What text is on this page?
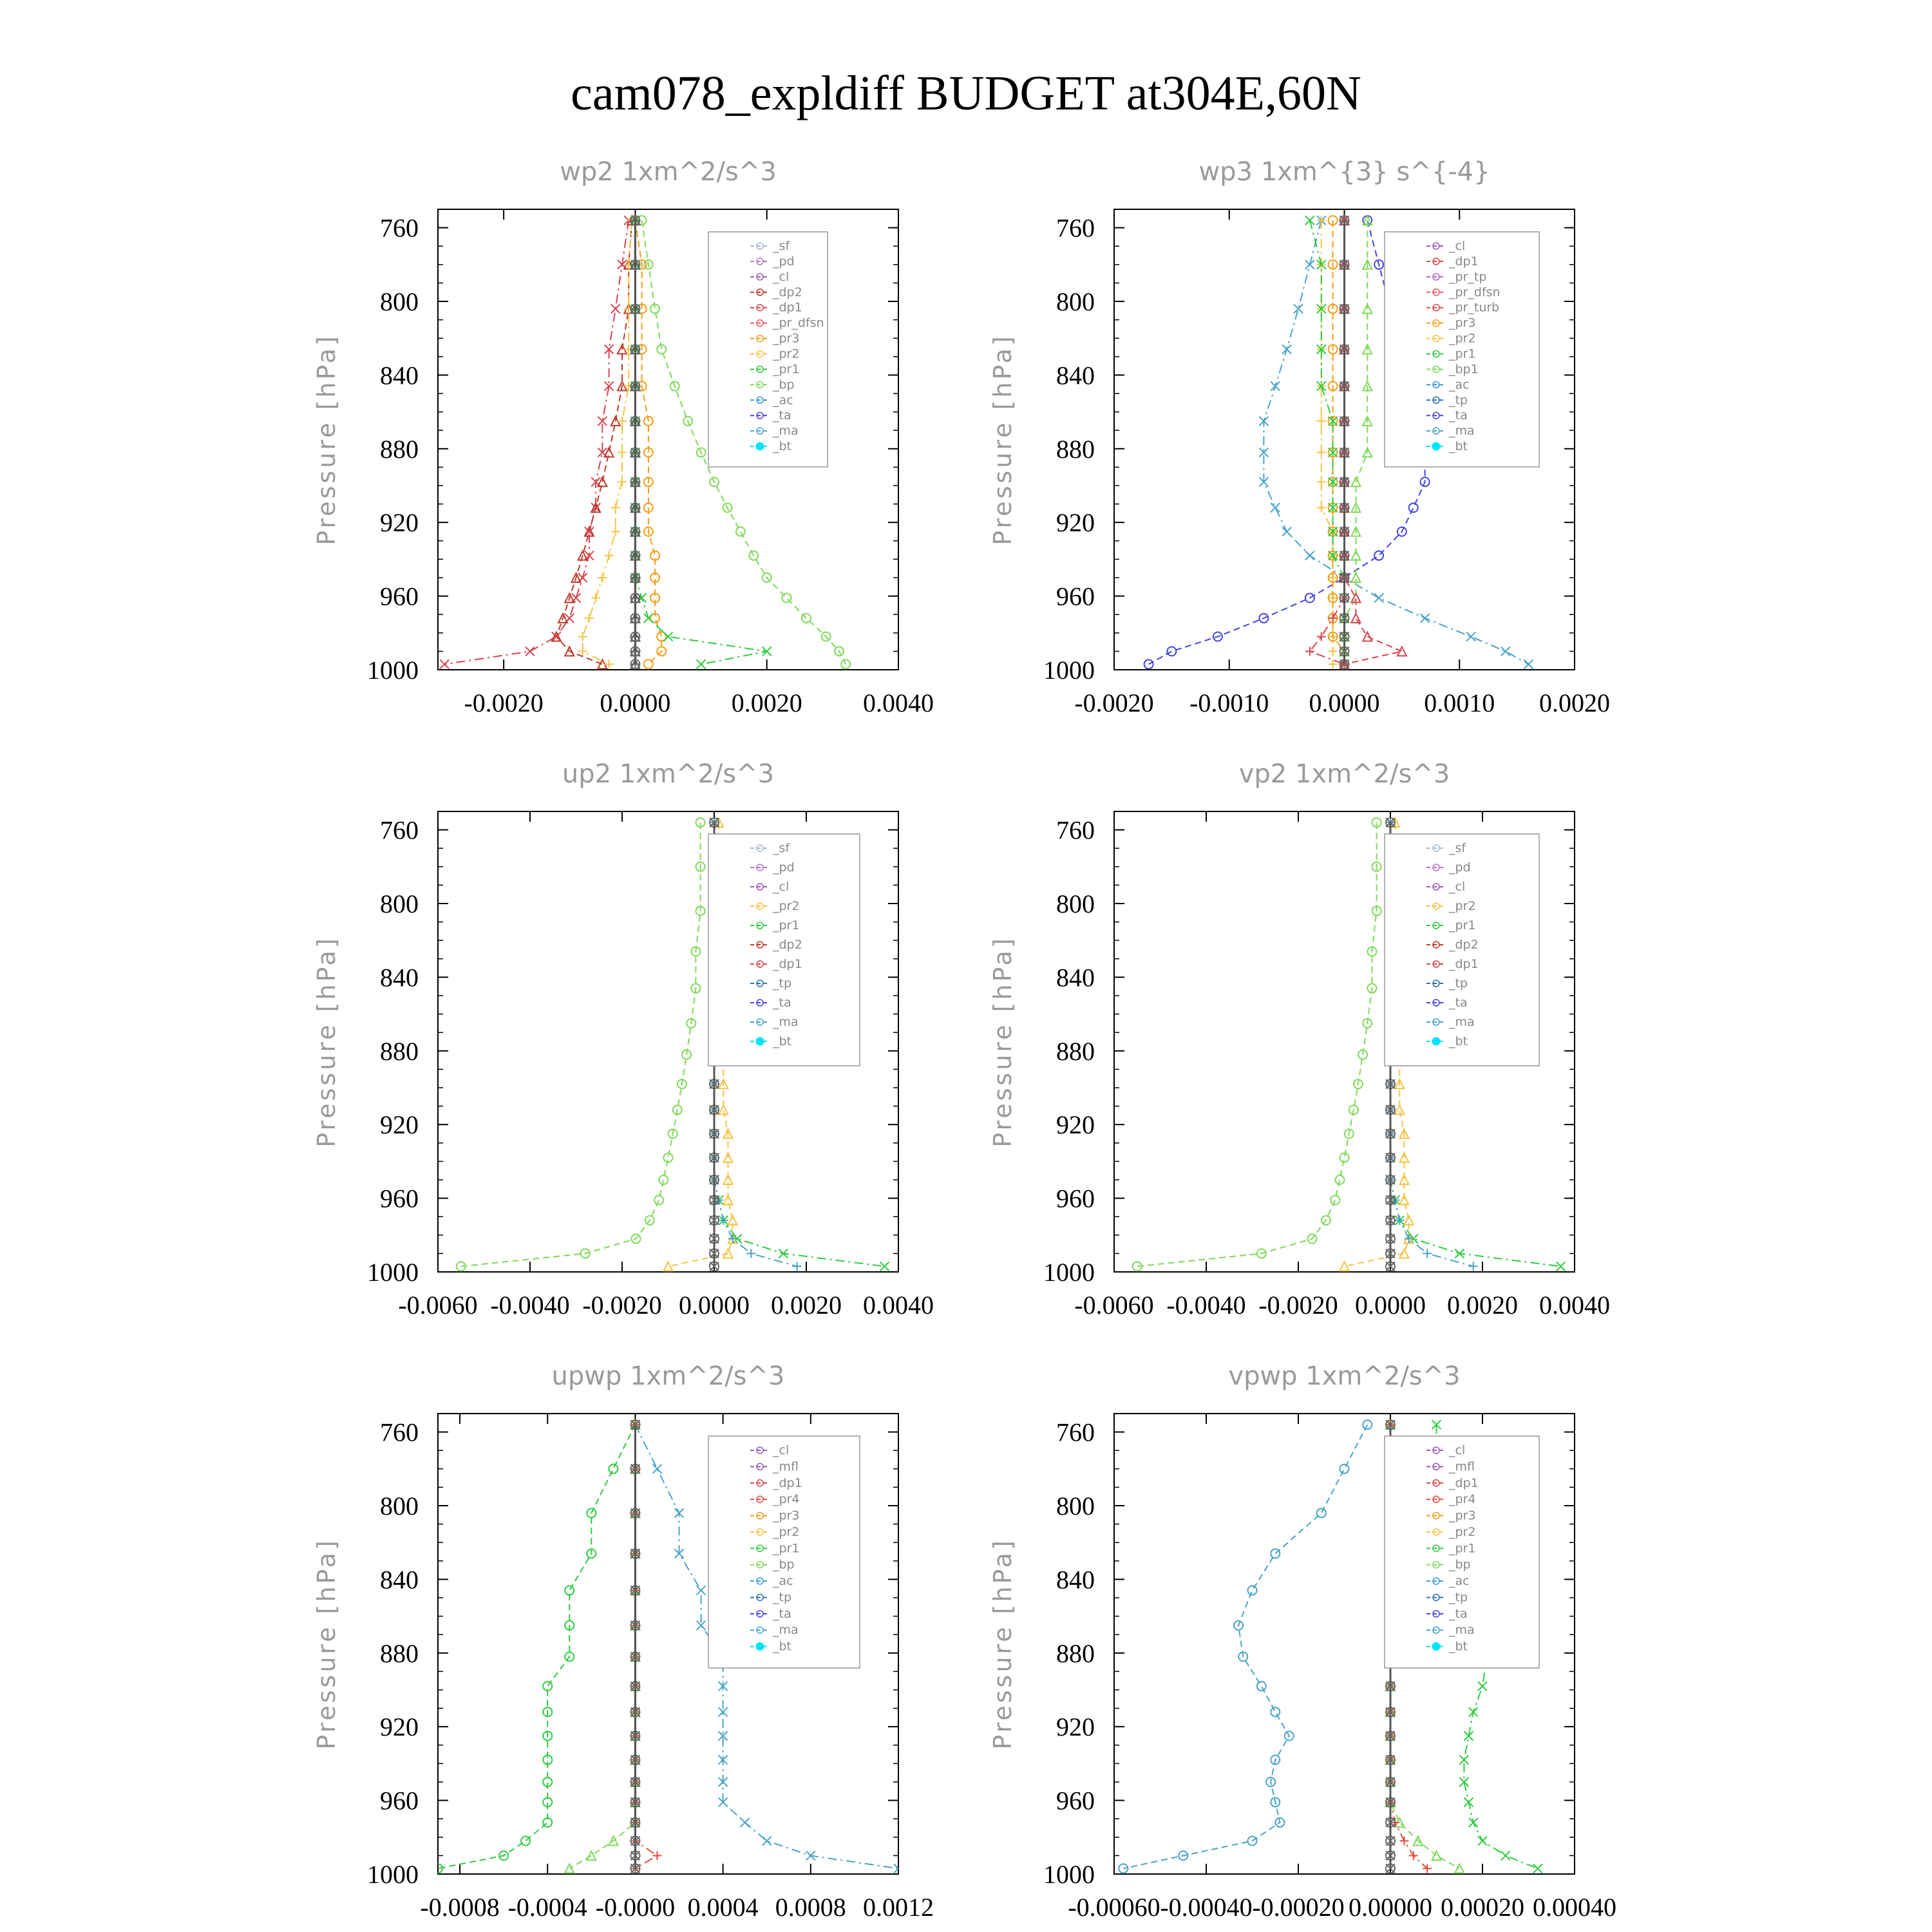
cam078_expldiff BUDGET at304E,60N
wp2 1xm^2/s^3
Pressure [hPa]
760
800
840
880
920
960
1000
-0.0020 0.0000 0.0020 0.0040
_sf
_pd
_cl
_dp2
_dp1
_pr_dfsn
_pr3
_pr2
_pr1
_bp
_ac
_ta
_ma
_bt
wp3 1xm^{3} s^{-4}
Pressure [hPa]
760
800
840
880
920
960
1000
-0.0020 -0.0010 0.0000 0.0010 0.0020
_cl
_dp1
_pr_tp
_pr_dfsn
_pr_turb
_pr3
_pr2
_pr1
_bp1
_ac
_tp
_ta
_ma
_bt
up2 1xm^2/s^3
Pressure [hPa]
760
800
840
880
920
960
1000
-0.0060 -0.0040 -0.0020 0.0000 0.0020 0.0040
_sf
_pd
_cl
_pr2
_pr1
_dp2
_dp1
_tp
_ta
_ma
_bt
vp2 1xm^2/s^3
Pressure [hPa]
760
800
840
880
920
960
1000
-0.0060 -0.0040 -0.0020 0.0000 0.0020 0.0040
_sf
_pd
_cl
_pr2
_pr1
_dp2
_dp1
_tp
_ta
_ma
_bt
upwp 1xm^2/s^3
Pressure [hPa]
760
800
840
880
920
960
1000
-0.0008 -0.0004 -0.0000 0.0004 0.0008 0.0012
_cl
_mfl
_dp1
_pr4
_pr3
_pr2
_pr1
_bp
_ac
_tp
_ta
_ma
_bt
vpwp 1xm^2/s^3
Pressure [hPa]
760
800
840
880
920
960
1000
-0.00060 -0.00040 -0.00020 0.00000 0.00020 0.00040
_cl
_mfl
_dp1
_pr4
_pr3
_pr2
_pr1
_bp
_ac
_tp
_ta
_ma
_bt
